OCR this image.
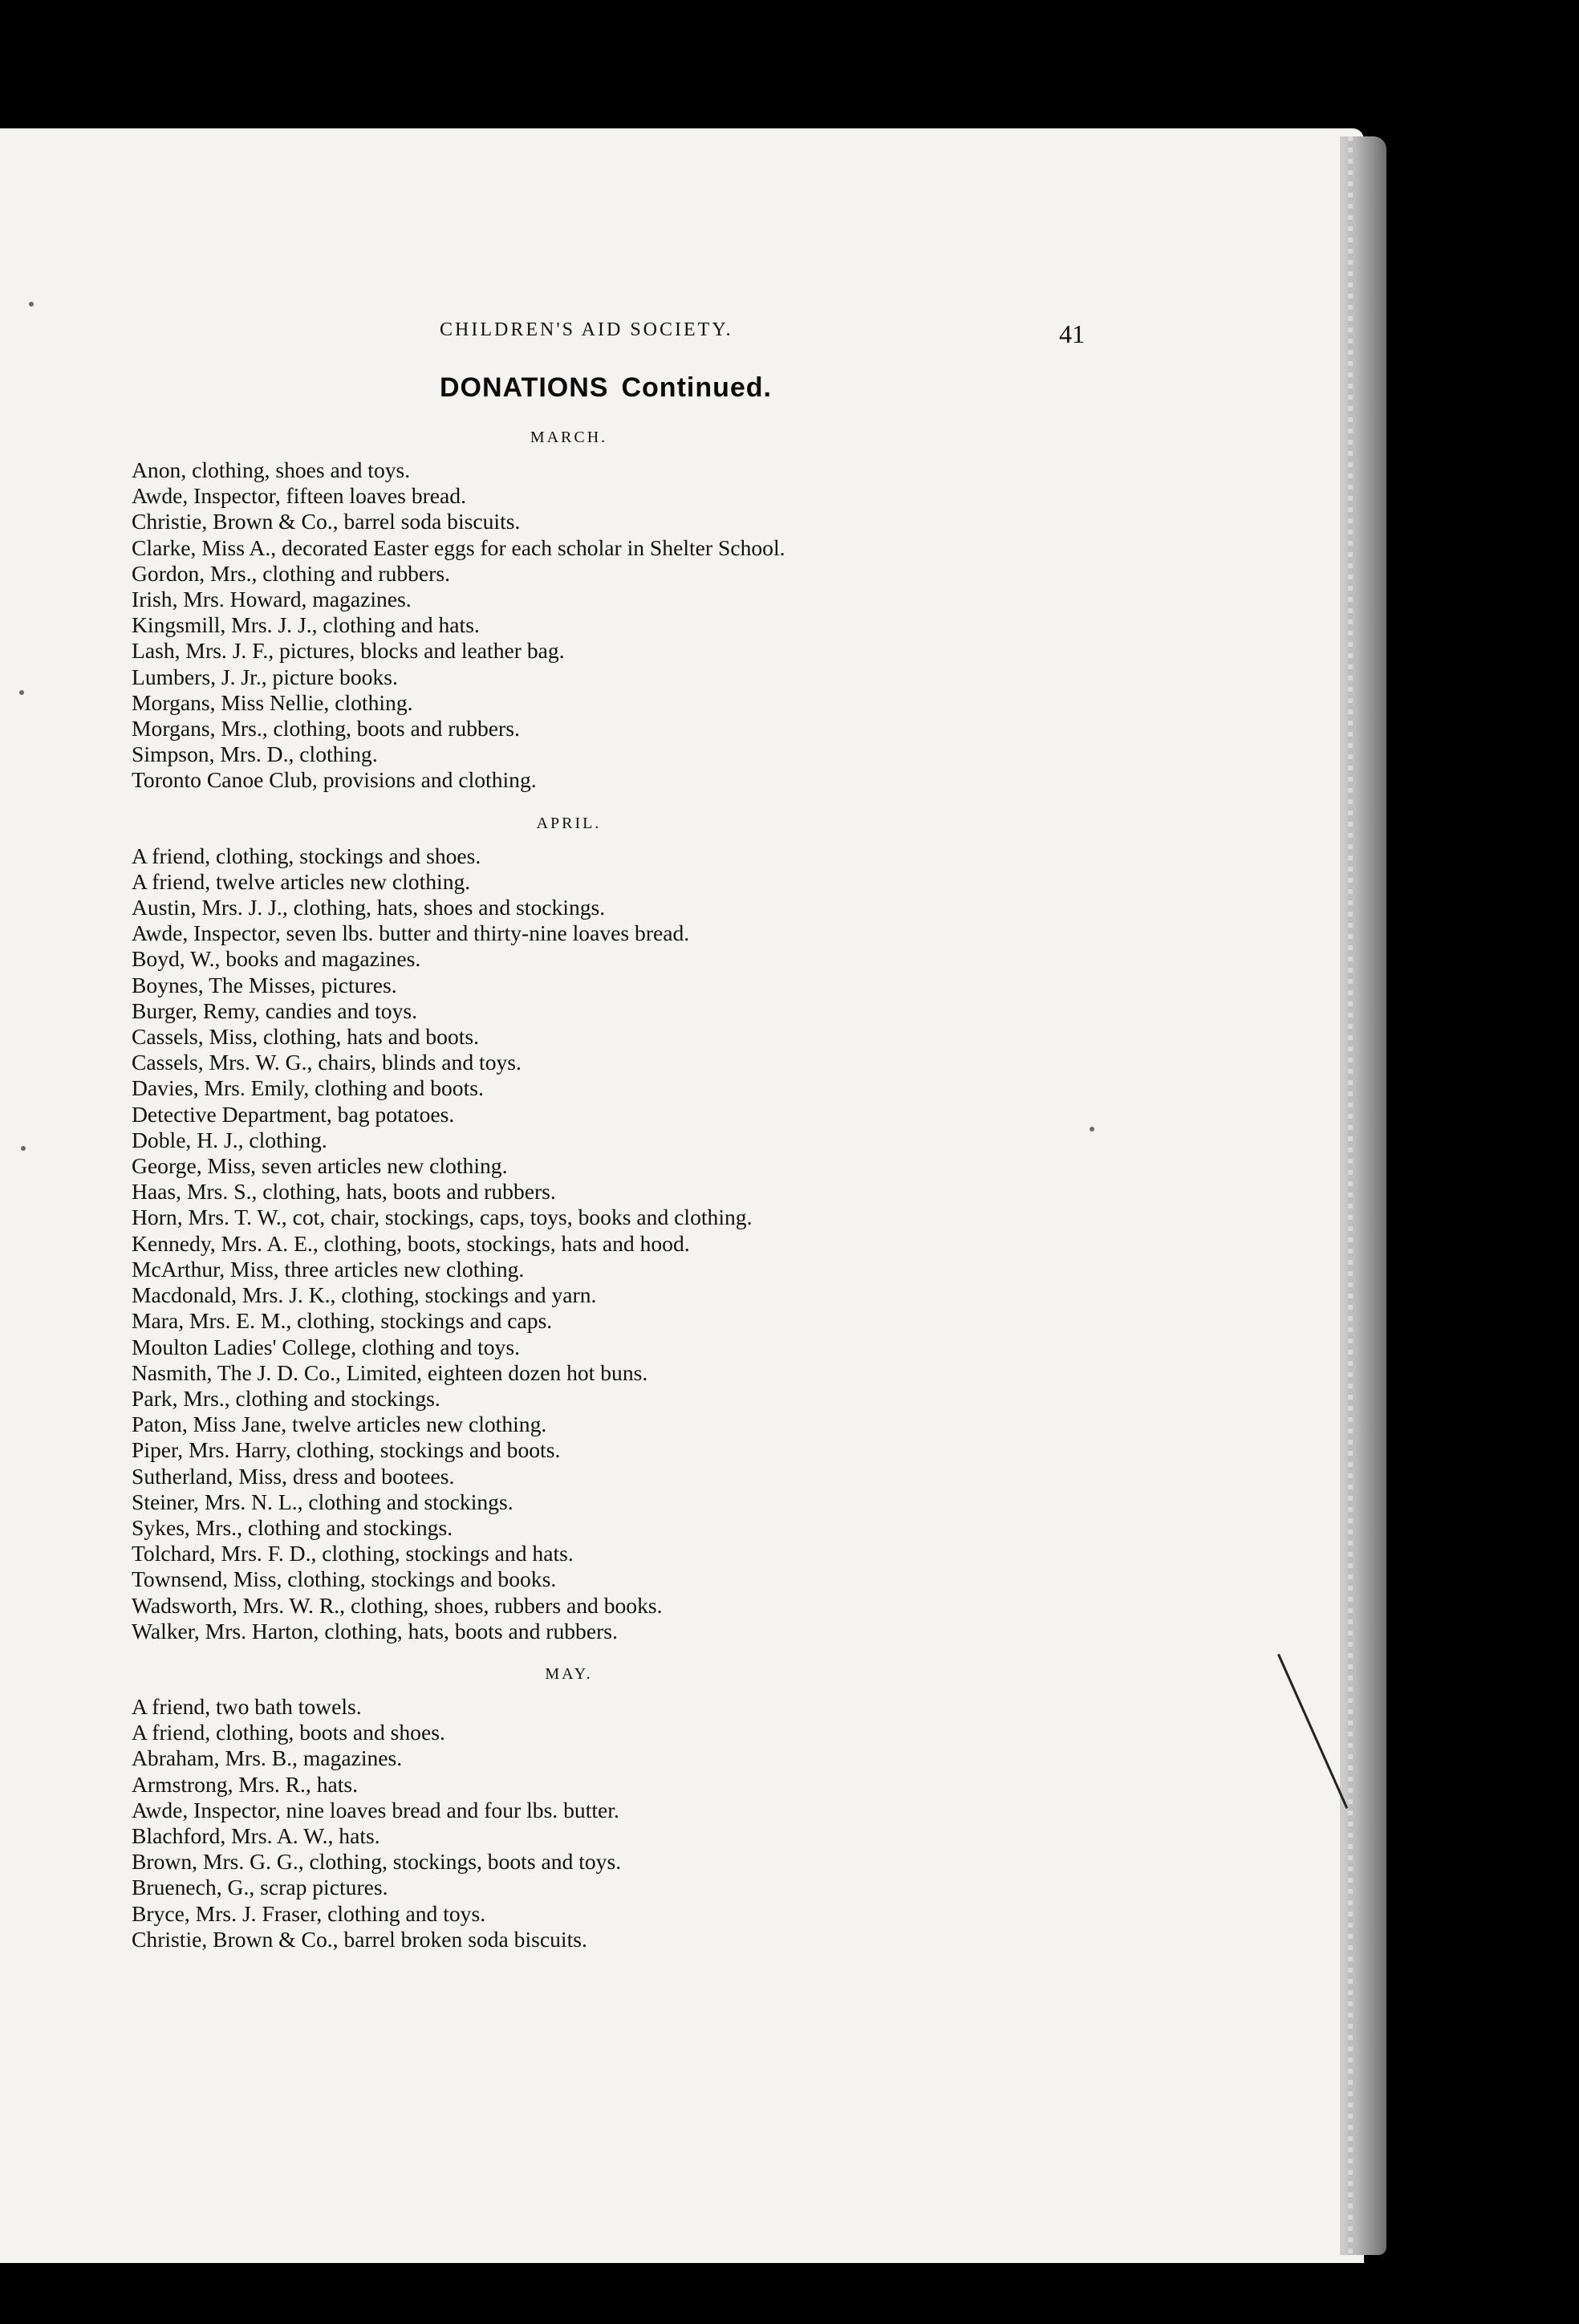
CHILDREN'S AID SOCIETY.	41
DONATIONS Continued.
MARCH.
Anon, clothing, shoes and toys.
Awde, Inspector, fifteen loaves bread.
Christie, Brown & Co., barrel soda biscuits.
Clarke, Miss A., decorated Easter eggs for each scholar in Shelter School.
Gordon, Mrs., clothing and rubbers.
Irish, Mrs. Howard, magazines.
Kingsmill, Mrs. J. J., clothing and hats.
Lash, Mrs. J. F., pictures, blocks and leather bag.
Lumbers, J. Jr., picture books.
Morgans, Miss Nellie, clothing.
Morgans, Mrs., clothing, boots and rubbers.
Simpson, Mrs. D., clothing.
Toronto Canoe Club, provisions and clothing.
APRIL.
A friend, clothing, stockings and shoes.
A friend, twelve articles new clothing.
Austin, Mrs. J. J., clothing, hats, shoes and stockings.
Awde, Inspector, seven lbs. butter and thirty-nine loaves bread.
Boyd, W., books and magazines.
Boynes, The Misses, pictures.
Burger, Remy, candies and toys.
Cassels, Miss, clothing, hats and boots.
Cassels, Mrs. W. G., chairs, blinds and toys.
Davies, Mrs. Emily, clothing and boots.
Detective Department, bag potatoes.
Doble, H. J., clothing.
George, Miss, seven articles new clothing.
Haas, Mrs. S., clothing, hats, boots and rubbers.
Horn, Mrs. T. W., cot, chair, stockings, caps, toys, books and clothing.
Kennedy, Mrs. A. E., clothing, boots, stockings, hats and hood.
McArthur, Miss, three articles new clothing.
Macdonald, Mrs. J. K., clothing, stockings and yarn.
Mara, Mrs. E. M., clothing, stockings and caps.
Moulton Ladies' College, clothing and toys.
Nasmith, The J. D. Co., Limited, eighteen dozen hot buns.
Park, Mrs., clothing and stockings.
Paton, Miss Jane, twelve articles new clothing.
Piper, Mrs. Harry, clothing, stockings and boots.
Sutherland, Miss, dress and bootees.
Steiner, Mrs. N. L., clothing and stockings.
Sykes, Mrs., clothing and stockings.
Tolchard, Mrs. F. D., clothing, stockings and hats.
Townsend, Miss, clothing, stockings and books.
Wadsworth, Mrs. W. R., clothing, shoes, rubbers and books.
Walker, Mrs. Harton, clothing, hats, boots and rubbers.
MAY.
A friend, two bath towels.
A friend, clothing, boots and shoes.
Abraham, Mrs. B., magazines.
Armstrong, Mrs. R., hats.
Awde, Inspector, nine loaves bread and four lbs. butter.
Blachford, Mrs. A. W., hats.
Brown, Mrs. G. G., clothing, stockings, boots and toys.
Bruenech, G., scrap pictures.
Bryce, Mrs. J. Fraser, clothing and toys.
Christie, Brown & Co., barrel broken soda biscuits.
